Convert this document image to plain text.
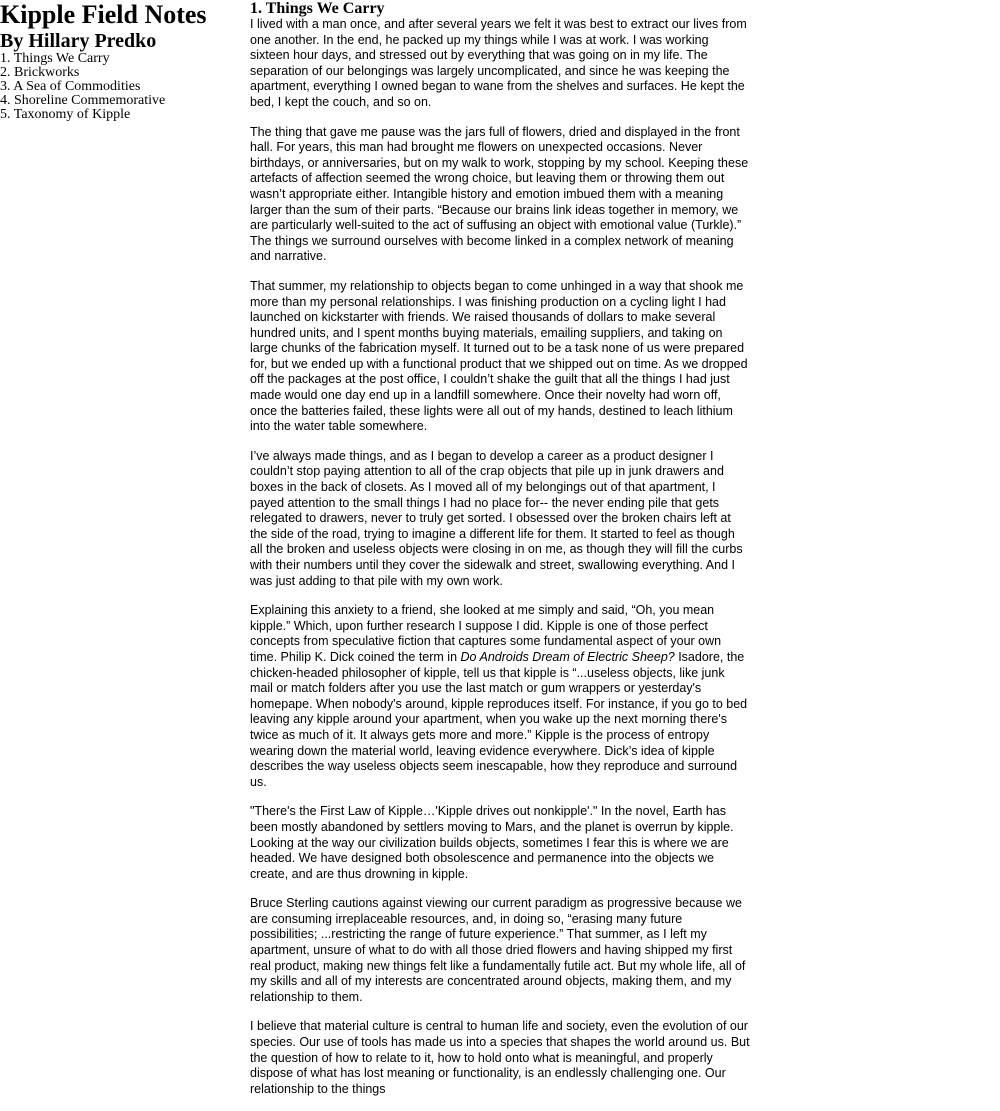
Kipple Field Notes
By Hillary Predko
1. Things We Carry
2. Brickworks
3. A Sea of Commodities
4. Shoreline Commemorative
5. Taxonomy of Kipple
1. Things We Carry

I lived with a man once, and after several years we felt it was best to extract our lives from one another. In the end, he packed up my things while I was at work. I was working sixteen hour days, and stressed out by everything that was going on in my life. The separation of our belongings was largely uncomplicated, and since he was keeping the apartment, everything I owned began to wane from the shelves and surfaces. He kept the bed, I kept the couch, and so on.

The thing that gave me pause was the jars full of flowers, dried and displayed in the front hall. For years, this man had brought me flowers on unexpected occasions. Never birthdays, or anniversaries, but on my walk to work, stopping by my school. Keeping these artefacts of affection seemed the wrong choice, but leaving them or throwing them out wasn’t appropriate either. Intangible history and emotion imbued them with a meaning larger than the sum of their parts. “Because our brains link ideas together in memory, we are particularly well-suited to the act of suffusing an object with emotional value (Turkle).” The things we surround ourselves with become linked in a complex network of meaning and narrative.

That summer, my relationship to objects began to come unhinged in a way that shook me more than my personal relationships. I was finishing production on a cycling light I had launched on kickstarter with friends. We raised thousands of dollars to make several hundred units, and I spent months buying materials, emailing suppliers, and taking on large chunks of the fabrication myself. It turned out to be a task none of us were prepared for, but we ended up with a functional product that we shipped out on time. As we dropped off the packages at the post office, I couldn’t shake the guilt that all the things I had just made would one day end up in a landfill somewhere. Once their novelty had worn off, once the batteries failed, these lights were all out of my hands, destined to leach lithium into the water table somewhere.

I’ve always made things, and as I began to develop a career as a product designer I couldn’t stop paying attention to all of the crap objects that pile up in junk drawers and boxes in the back of closets. As I moved all of my belongings out of that apartment, I payed attention to the small things I had no place for-- the never ending pile that gets relegated to drawers, never to truly get sorted. I obsessed over the broken chairs left at the side of the road, trying to imagine a different life for them. It started to feel as though all the broken and useless objects were closing in on me, as though they will fill the curbs with their numbers until they cover the sidewalk and street, swallowing everything. And I was just adding to that pile with my own work.

Explaining this anxiety to a friend, she looked at me simply and said, “Oh, you mean kipple.” Which, upon further research I suppose I did. Kipple is one of those perfect concepts from speculative fiction that captures some fundamental aspect of your own time. Philip K. Dick coined the term in Do Androids Dream of Electric Sheep? Isadore, the chicken-headed philosopher of kipple, tell us that kipple is “...useless objects, like junk mail or match folders after you use the last match or gum wrappers or yesterday's homepape. When nobody's around, kipple reproduces itself. For instance, if you go to bed leaving any kipple around your apartment, when you wake up the next morning there's twice as much of it. It always gets more and more.” Kipple is the process of entropy wearing down the material world, leaving evidence everywhere. Dick’s idea of kipple describes the way useless objects seem inescapable, how they reproduce and surround us.

"There's the First Law of Kipple…'Kipple drives out nonkipple'." In the novel, Earth has been mostly abandoned by settlers moving to Mars, and the planet is overrun by kipple. Looking at the way our civilization builds objects, sometimes I fear this is where we are headed. We have designed both obsolescence and permanence into the objects we create, and are thus drowning in kipple.

Bruce Sterling cautions against viewing our current paradigm as progressive because we are consuming irreplaceable resources, and, in doing so, “erasing many future possibilities; ...restricting the range of future experience.” That summer, as I left my apartment, unsure of what to do with all those dried flowers and having shipped my first real product, making new things felt like a fundamentally futile act. But my whole life, all of my skills and all of my interests are concentrated around objects, making them, and my relationship to them.

I believe that material culture is central to human life and society, even the evolution of our species. Our use of tools has made us into a species that shapes the world around us. But the question of how to relate to it, how to hold onto what is meaningful, and properly dispose of what has lost meaning or functionality, is an endlessly challenging one. Our relationship to the things
